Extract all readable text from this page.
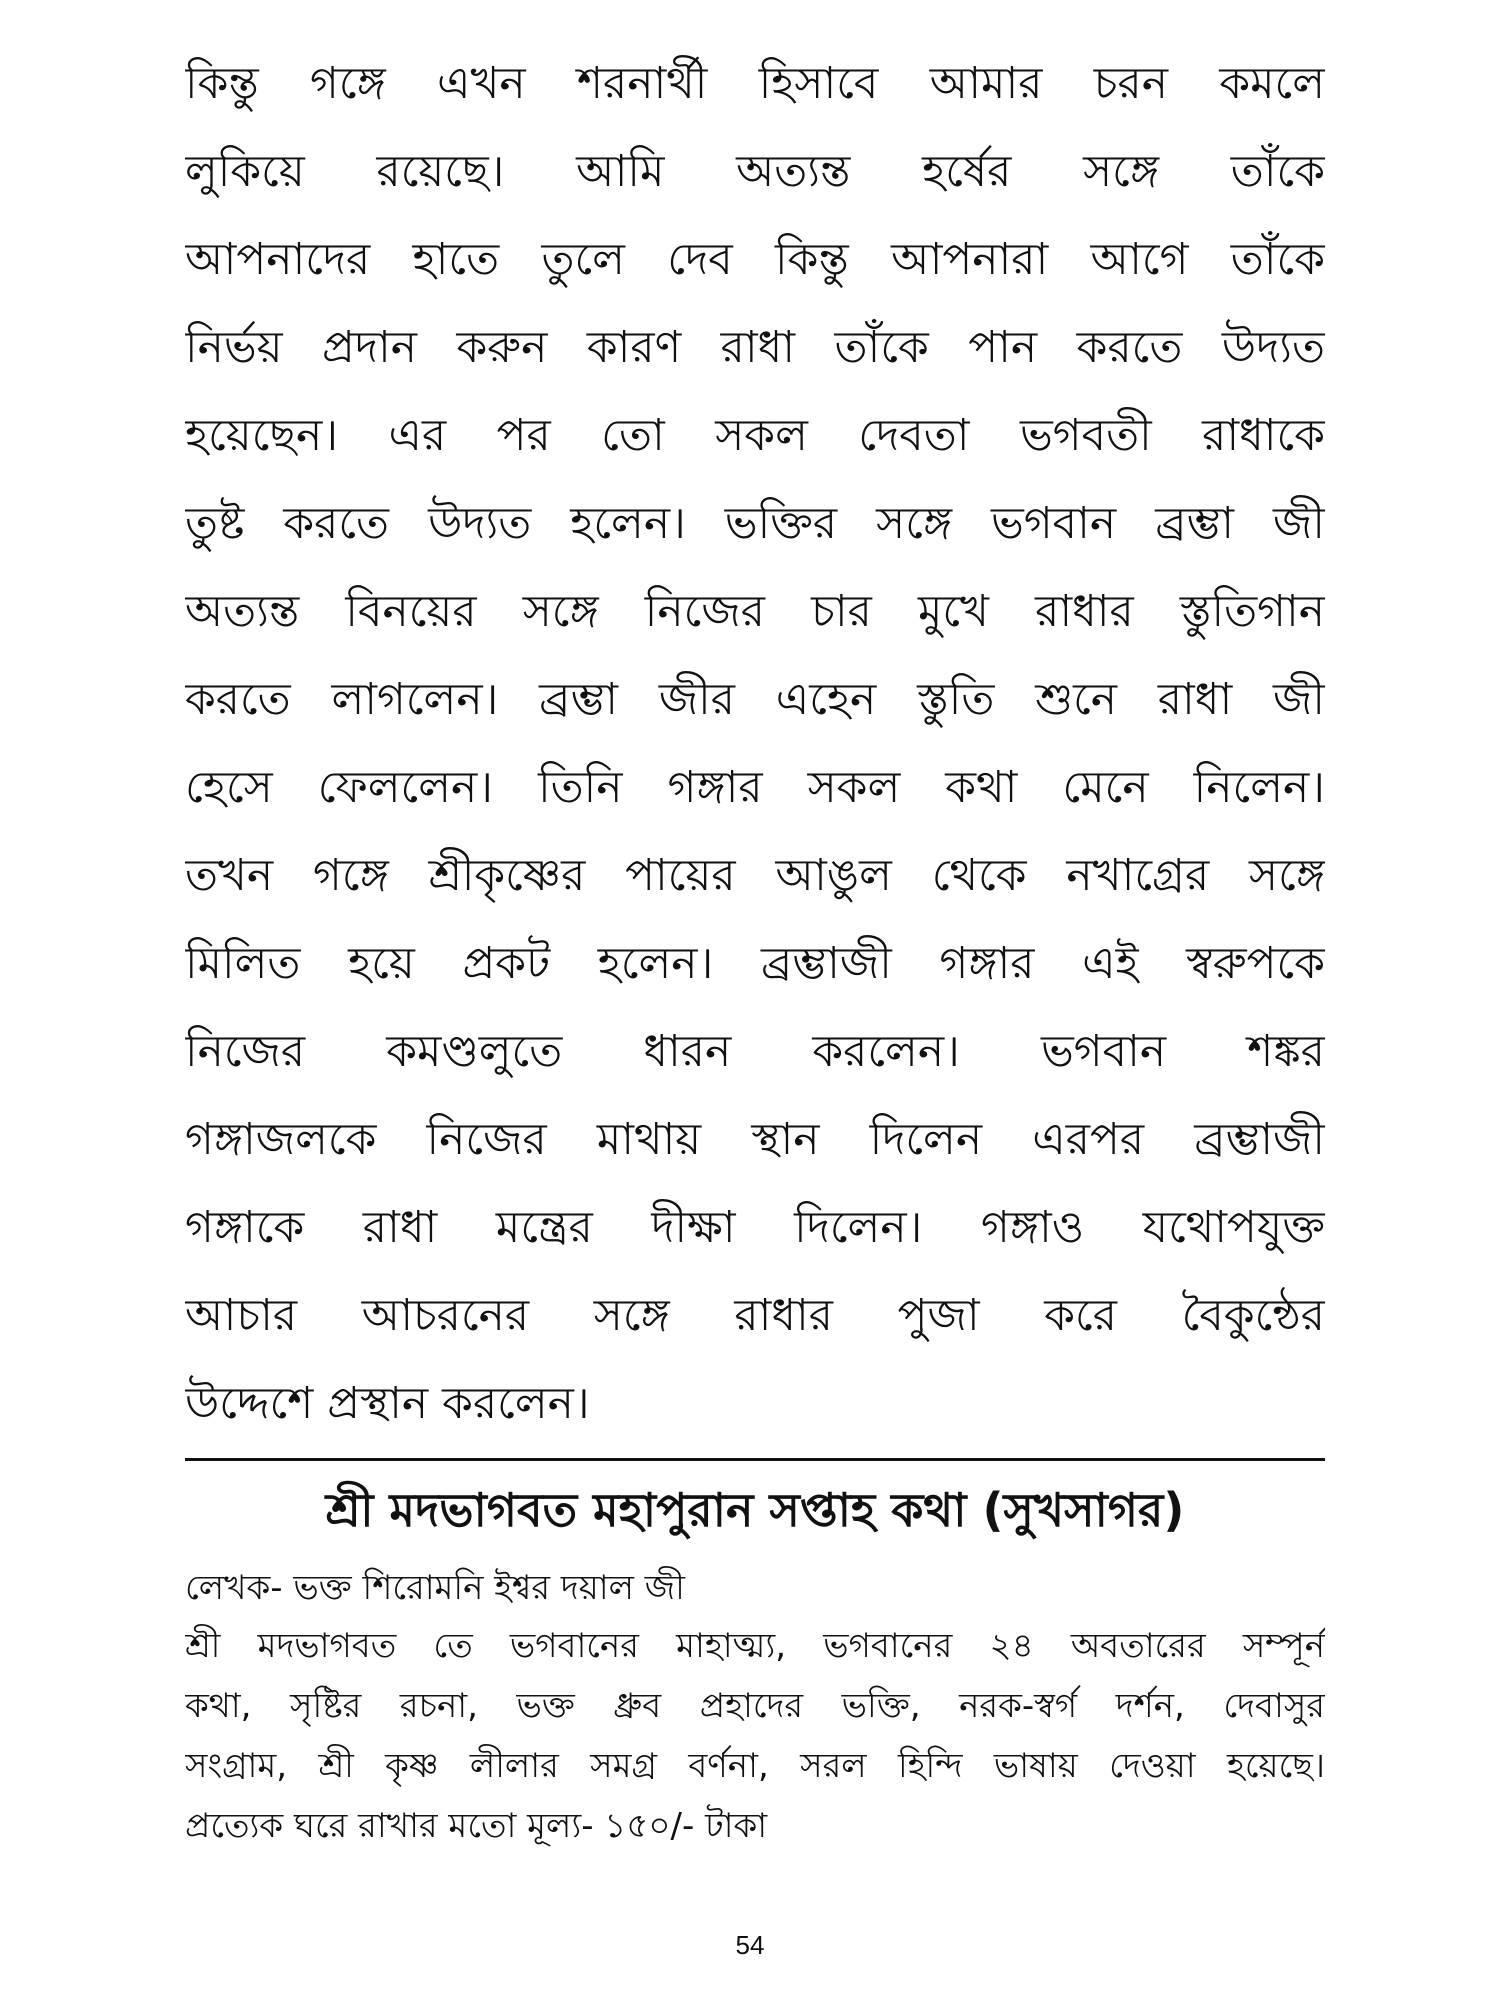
কিন্তু গঙ্গে এখন শরনার্থী হিসাবে আমার চরন কমলে
লুকিয়ে রয়েছে। আমি অত্যন্ত হর্ষের সঙ্গে তাঁকে
আপনাদের হাতে তুলে দেব কিন্তু আপনারা আগে তাঁকে
নির্ভয় প্রদান করুন কারণ রাধা তাঁকে পান করতে উদ্যত
হয়েছেন। এর পর তো সকল দেবতা ভগবতী রাধাকে
তুষ্ট করতে উদ্যত হলেন। ভক্তির সঙ্গে ভগবান ব্রম্ভা জী
অত্যন্ত বিনয়ের সঙ্গে নিজের চার মুখে রাধার স্তুতিগান
করতে লাগলেন। ব্রম্ভা জীর এহেন স্তুতি শুনে রাধা জী
হেসে ফেললেন। তিনি গঙ্গার সকল কথা মেনে নিলেন।
তখন গঙ্গে শ্রীকৃষ্ণের পায়ের আঙুল থেকে নখাগ্রের সঙ্গে
মিলিত হয়ে প্রকট হলেন। ব্রম্ভাজী গঙ্গার এই স্বরুপকে
নিজের কমণ্ডলুতে ধারন করলেন। ভগবান শঙ্কর
গঙ্গাজলকে নিজের মাথায় স্থান দিলেন এরপর ব্রম্ভাজী
গঙ্গাকে রাধা মন্ত্রের দীক্ষা দিলেন। গঙ্গাও যথোপযুক্ত
আচার আচরনের সঙ্গে রাধার পুজা করে বৈকুন্ঠের
উদ্দেশে প্রস্থান করলেন।
শ্রী মদভাগবত মহাপুরান সপ্তাহ কথা (সুখসাগর)
লেখক- ভক্ত শিরোমনি ইশ্বর দয়াল জী
শ্রী মদভাগবত তে ভগবানের মাহাত্ম্য, ভগবানের ২৪ অবতারের সম্পূর্ন
কথা, সৃষ্টির রচনা, ভক্ত ধ্রুব প্রহাদের ভক্তি, নরক-স্বর্গ দর্শন, দেবাসুর
সংগ্রাম, শ্রী কৃষ্ণ লীলার সমগ্র বর্ণনা, সরল হিন্দি ভাষায় দেওয়া হয়েছে।
প্রত্যেক ঘরে রাখার মতো মূল্য- ১৫০/- টাকা
54
